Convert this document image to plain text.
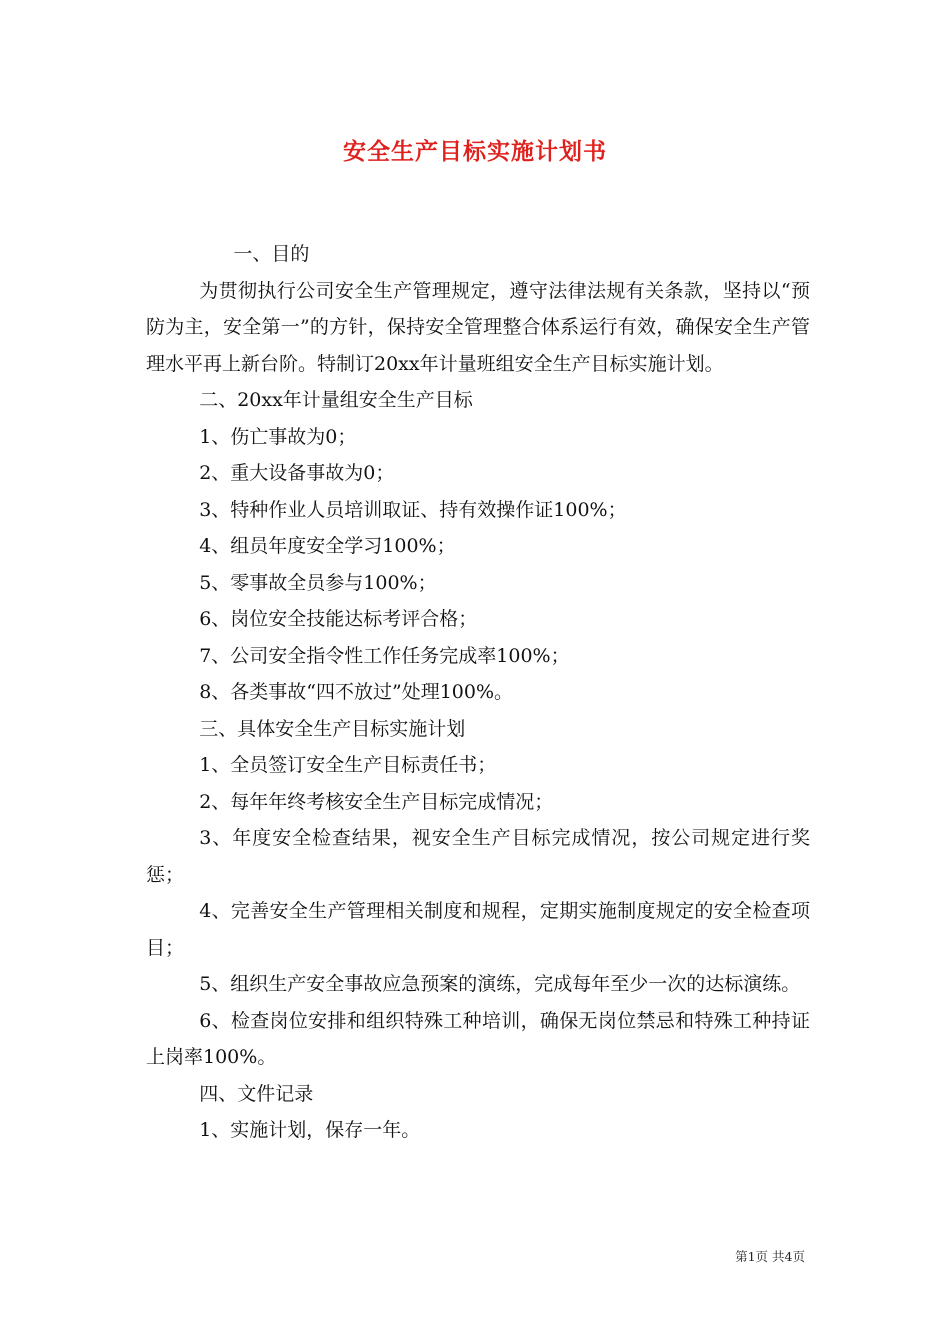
安全生产目标实施计划书

一、目的

为贯彻执行公司安全生产管理规定，遵守法律法规有关条款，坚持以“预防为主，安全第一”的方针，保持安全管理整合体系运行有效，确保安全生产管理水平再上新台阶。特制订20xx年计量班组安全生产目标实施计划。

二、20xx年计量组安全生产目标

1、伤亡事故为0；

2、重大设备事故为0；

3、特种作业人员培训取证、持有效操作证100%；

4、组员年度安全学习100%；

5、零事故全员参与100%；

6、岗位安全技能达标考评合格；

7、公司安全指令性工作任务完成率100%；

8、各类事故“四不放过”处理100%。

三、具体安全生产目标实施计划

1、全员签订安全生产目标责任书；

2、每年年终考核安全生产目标完成情况；

3、年度安全检查结果，视安全生产目标完成情况，按公司规定进行奖惩；

4、完善安全生产管理相关制度和规程，定期实施制度规定的安全检查项目；

5、组织生产安全事故应急预案的演练，完成每年至少一次的达标演练。

6、检查岗位安排和组织特殊工种培训，确保无岗位禁忌和特殊工种持证上岗率100%。

四、文件记录

1、实施计划，保存一年。

第1页 共4页
